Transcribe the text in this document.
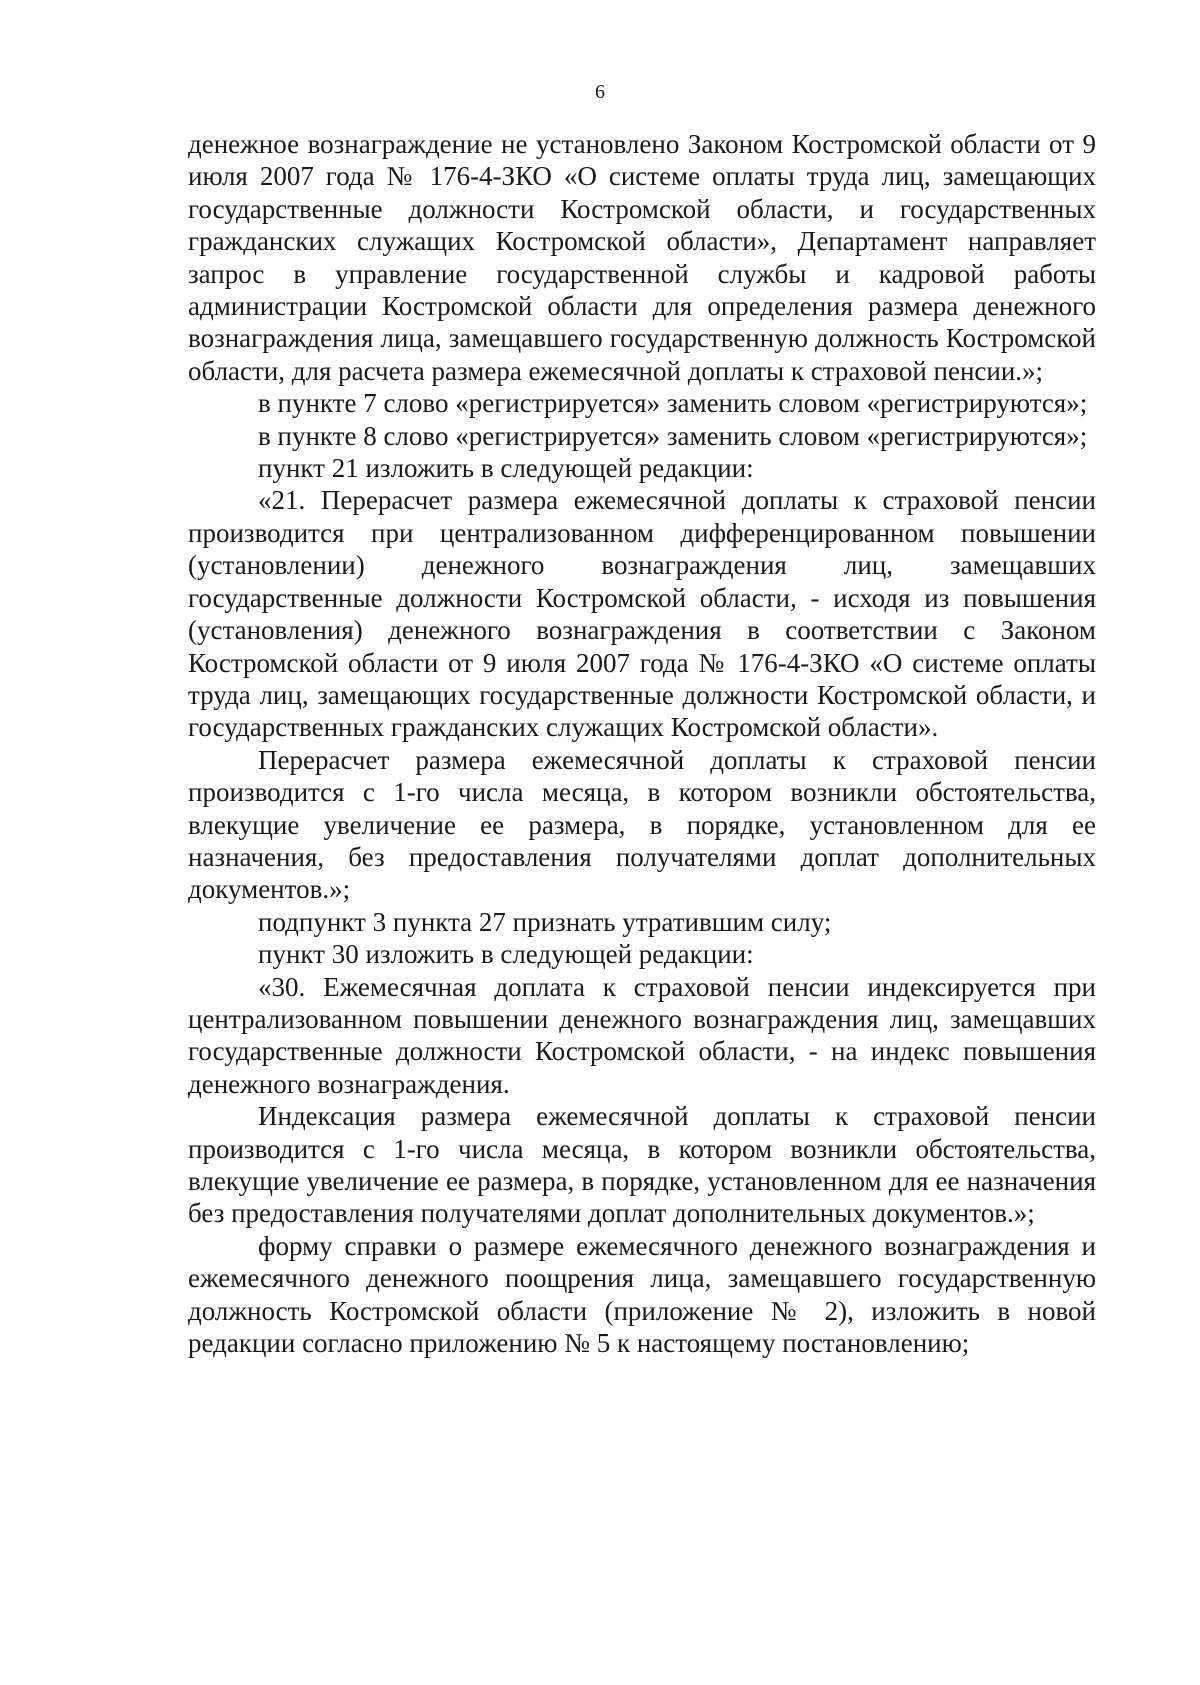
6

денежное вознаграждение не установлено Законом Костромской области от 9 июля 2007 года № 176-4-ЗКО «О системе оплаты труда лиц, замещающих государственные должности Костромской области, и государственных гражданских служащих Костромской области», Департамент направляет запрос в управление государственной службы и кадровой работы администрации Костромской области для определения размера денежного вознаграждения лица, замещавшего государственную должность Костромской области, для расчета размера ежемесячной доплаты к страховой пенсии.»;

в пункте 7 слово «регистрируется» заменить словом «регистрируются»;

в пункте 8 слово «регистрируется» заменить словом «регистрируются»;

пункт 21 изложить в следующей редакции:

«21. Перерасчет размера ежемесячной доплаты к страховой пенсии производится при централизованном дифференцированном повышении (установлении) денежного вознаграждения лиц, замещавших государственные должности Костромской области, - исходя из повышения (установления) денежного вознаграждения в соответствии с Законом Костромской области от 9 июля 2007 года № 176-4-ЗКО «О системе оплаты труда лиц, замещающих государственные должности Костромской области, и государственных гражданских служащих Костромской области».

Перерасчет размера ежемесячной доплаты к страховой пенсии производится с 1-го числа месяца, в котором возникли обстоятельства, влекущие увеличение ее размера, в порядке, установленном для ее назначения, без предоставления получателями доплат дополнительных документов.»;

подпункт 3 пункта 27 признать утратившим силу;

пункт 30 изложить в следующей редакции:

«30. Ежемесячная доплата к страховой пенсии индексируется при централизованном повышении денежного вознаграждения лиц, замещавших государственные должности Костромской области, - на индекс повышения денежного вознаграждения.

Индексация размера ежемесячной доплаты к страховой пенсии производится с 1-го числа месяца, в котором возникли обстоятельства, влекущие увеличение ее размера, в порядке, установленном для ее назначения без предоставления получателями доплат дополнительных документов.»;

форму справки о размере ежемесячного денежного вознаграждения и ежемесячного денежного поощрения лица, замещавшего государственную должность Костромской области (приложение № 2), изложить в новой редакции согласно приложению № 5 к настоящему постановлению;
